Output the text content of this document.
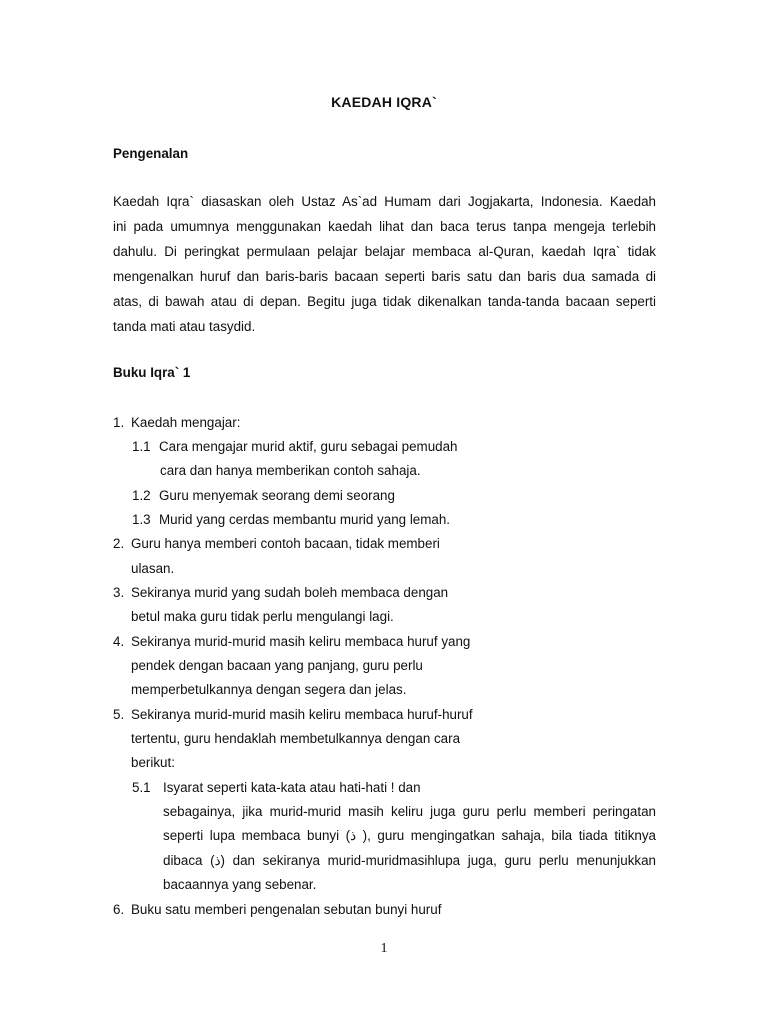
KAEDAH IQRA`
Pengenalan
Kaedah Iqra` diasaskan oleh Ustaz As`ad Humam dari Jogjakarta, Indonesia. Kaedah
ini pada umumnya menggunakan kaedah lihat dan baca terus tanpa mengeja terlebih
dahulu. Di peringkat permulaan pelajar belajar membaca al-Quran, kaedah Iqra` tidak
mengenalkan huruf dan baris-baris bacaan seperti baris satu dan baris dua samada di
atas, di bawah atau di depan. Begitu juga tidak dikenalkan tanda-tanda bacaan seperti
tanda mati atau tasydid.
Buku Iqra` 1
1. Kaedah mengajar:
1.1 Cara mengajar murid aktif, guru sebagai pemudah
cara dan hanya memberikan contoh sahaja.
1.2 Guru menyemak seorang demi seorang
1.3 Murid yang cerdas membantu murid yang lemah.
2. Guru hanya memberi contoh bacaan, tidak memberi
ulasan.
3. Sekiranya murid yang sudah boleh membaca dengan
betul maka guru tidak perlu mengulangi lagi.
4. Sekiranya murid-murid masih keliru membaca huruf yang
pendek dengan bacaan yang panjang, guru perlu
memperbetulkannya dengan segera dan jelas.
5. Sekiranya murid-murid masih keliru membaca huruf-huruf
tertentu, guru hendaklah membetulkannya dengan cara
berikut:
5.1 Isyarat seperti kata-kata atau hati-hati ! dan
sebagainya, jika murid-murid masih keliru juga guru perlu memberi peringatan
seperti lupa membaca bunyi (ذ ), guru mengingatkan sahaja, bila tiada titiknya
dibaca (ذ) dan sekiranya murid-muridmasihlupa juga, guru perlu menunjukkan
bacaannya yang sebenar.
6. Buku satu memberi pengenalan sebutan bunyi huruf
1
